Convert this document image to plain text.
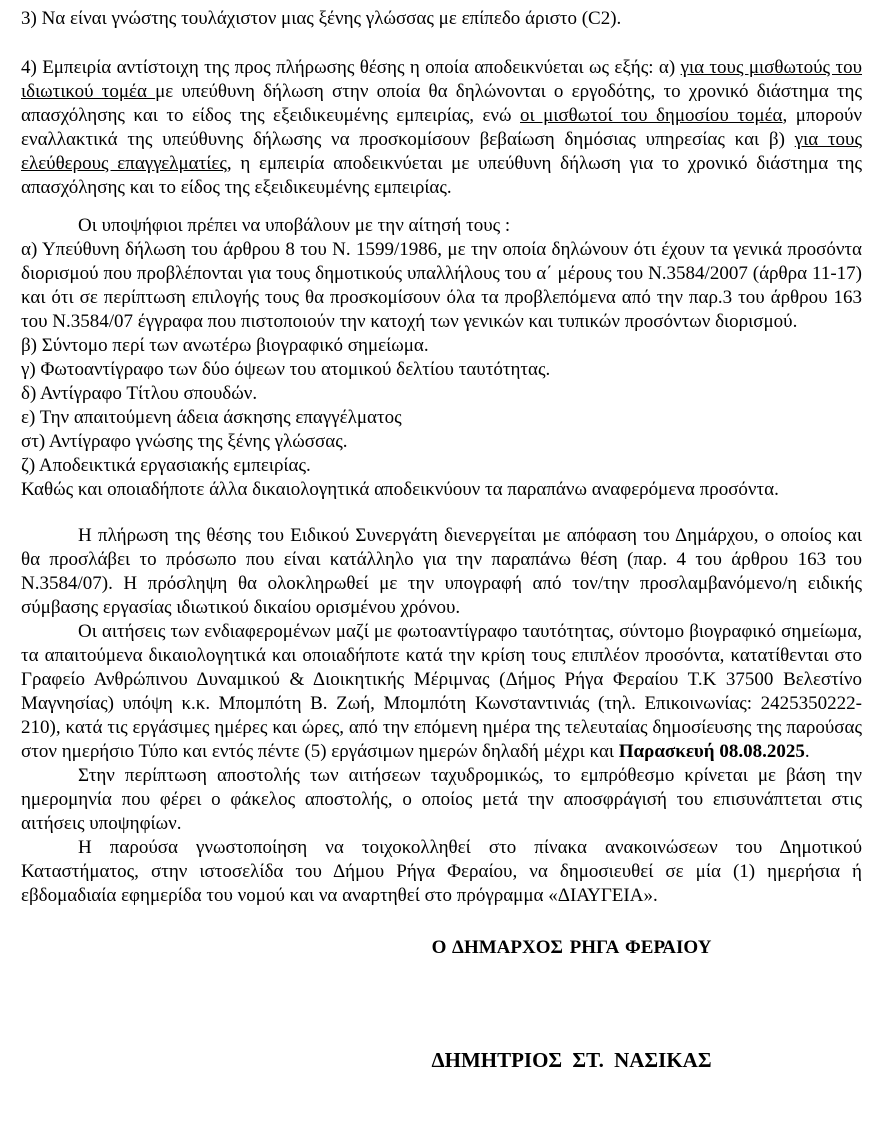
3) Να είναι γνώστης τουλάχιστον μιας ξένης γλώσσας με επίπεδο άριστο (C2).

4) Εμπειρία αντίστοιχη της προς πλήρωσης θέσης η οποία αποδεικνύεται ως εξής: α) για τους μισθωτούς του ιδιωτικού τομέα με υπεύθυνη δήλωση στην οποία θα δηλώνονται ο εργοδότης, το χρονικό διάστημα της απασχόλησης και το είδος της εξειδικευμένης εμπειρίας, ενώ οι μισθωτοί του δημοσίου τομέα, μπορούν εναλλακτικά της υπεύθυνης δήλωσης να προσκομίσουν βεβαίωση δημόσιας υπηρεσίας και β) για τους ελεύθερους επαγγελματίες, η εμπειρία αποδεικνύεται με υπεύθυνη δήλωση για το χρονικό διάστημα της απασχόλησης και το είδος της εξειδικευμένης εμπειρίας.

Οι υποψήφιοι πρέπει να υποβάλουν με την αίτησή τους :

α) Υπεύθυνη δήλωση του άρθρου 8 του Ν. 1599/1986, με την οποία δηλώνουν ότι έχουν τα γενικά προσόντα διορισμού που προβλέπονται για τους δημοτικούς υπαλλήλους του α΄ μέρους του Ν.3584/2007 (άρθρα 11-17) και ότι σε περίπτωση επιλογής τους θα προσκομίσουν όλα τα προβλεπόμενα από την παρ.3 του άρθρου 163 του Ν.3584/07 έγγραφα που πιστοποιούν την κατοχή των γενικών και τυπικών προσόντων διορισμού.

β) Σύντομο περί των ανωτέρω βιογραφικό σημείωμα.

γ) Φωτοαντίγραφο των δύο όψεων του ατομικού δελτίου ταυτότητας.

δ) Αντίγραφο Τίτλου σπουδών.

ε) Την απαιτούμενη άδεια άσκησης επαγγέλματος

στ) Αντίγραφο γνώσης της ξένης γλώσσας.

ζ) Αποδεικτικά εργασιακής εμπειρίας.

Καθώς και οποιαδήποτε άλλα δικαιολογητικά αποδεικνύουν τα παραπάνω αναφερόμενα προσόντα.

Η πλήρωση της θέσης του Ειδικού Συνεργάτη διενεργείται με απόφαση του Δημάρχου, ο οποίος και θα προσλάβει το πρόσωπο που είναι κατάλληλο για την παραπάνω θέση (παρ. 4 του άρθρου 163 του Ν.3584/07). Η πρόσληψη θα ολοκληρωθεί με την υπογραφή από τον/την προσλαμβανόμενο/η ειδικής σύμβασης εργασίας ιδιωτικού δικαίου ορισμένου χρόνου.

Οι αιτήσεις των ενδιαφερομένων μαζί με φωτοαντίγραφο ταυτότητας, σύντομο βιογραφικό σημείωμα, τα απαιτούμενα δικαιολογητικά και οποιαδήποτε κατά την κρίση τους επιπλέον προσόντα, κατατίθενται στο Γραφείο Ανθρώπινου Δυναμικού & Διοικητικής Μέριμνας (Δήμος Ρήγα Φεραίου Τ.Κ 37500 Βελεστίνο Μαγνησίας) υπόψη κ.κ. Μπομπότη Β. Ζωή, Μπομπότη Κωνσταντινιάς (τηλ. Επικοινωνίας: 2425350222-210), κατά τις εργάσιμες ημέρες και ώρες, από την επόμενη ημέρα της τελευταίας δημοσίευσης της παρούσας στον ημερήσιο Τύπο και εντός πέντε (5) εργάσιμων ημερών δηλαδή μέχρι και Παρασκευή 08.08.2025.

Στην περίπτωση αποστολής των αιτήσεων ταχυδρομικώς, το εμπρόθεσμο κρίνεται με βάση την ημερομηνία που φέρει ο φάκελος αποστολής, ο οποίος μετά την αποσφράγισή του επισυνάπτεται στις αιτήσεις υποψηφίων.

Η παρούσα γνωστοποίηση να τοιχοκολληθεί στο πίνακα ανακοινώσεων του Δημοτικού Καταστήματος, στην ιστοσελίδα του Δήμου Ρήγα Φεραίου, να δημοσιευθεί σε μία (1) ημερήσια ή εβδομαδιαία εφημερίδα του νομού και να αναρτηθεί στο πρόγραμμα «ΔΙΑΥΓΕΙΑ».

Ο ΔΗΜΑΡΧΟΣ ΡΗΓΑ ΦΕΡΑΙΟΥ

ΔΗΜΗΤΡΙΟΣ ΣΤ. ΝΑΣΙΚΑΣ
